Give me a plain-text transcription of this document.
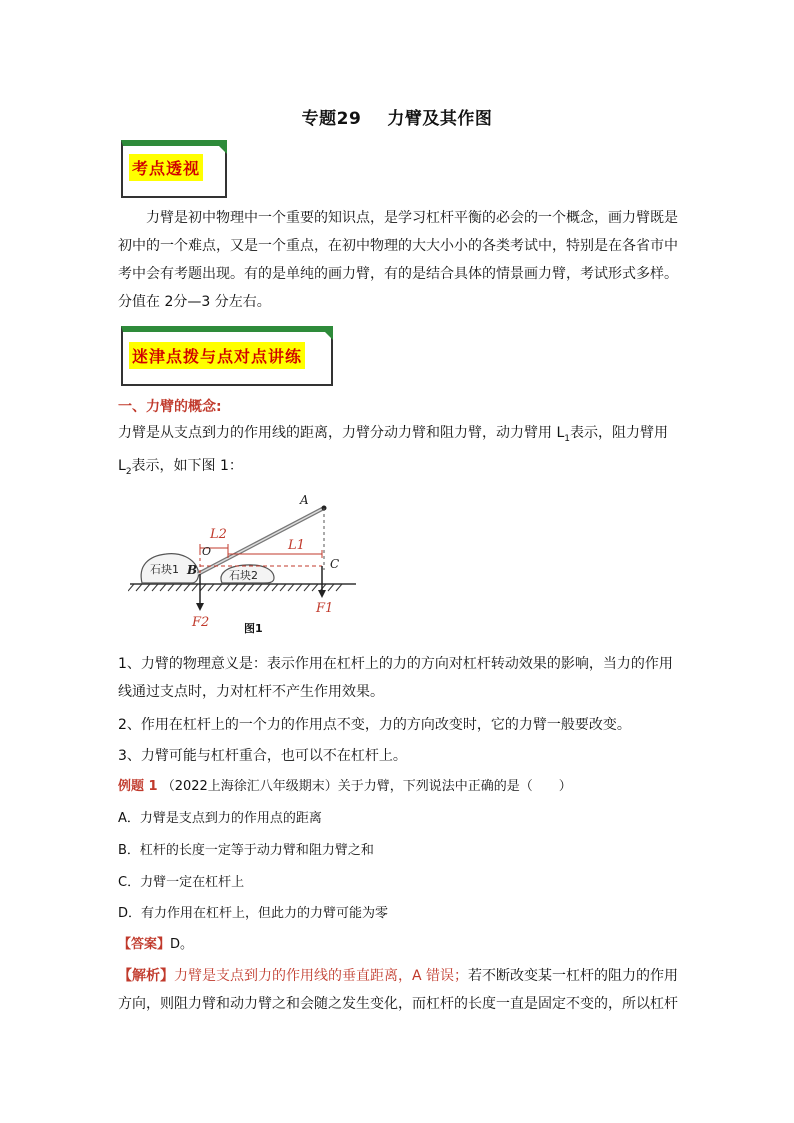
专题29 力臂及其作图
考点透视

力臂是初中物理中一个重要的知识点，是学习杠杆平衡的必会的一个概念，画力臂既是初中的一个难点，又是一个重点，在初中物理的大大小小的各类考试中，特别是在各省市中考中会有考题出现。有的是单纯的画力臂，有的是结合具体的情景画力臂，考试形式多样。分值在 2分—3 分左右。

迷津点拨与点对点讲练
一、力臂的概念:
力臂是从支点到力的作用线的距离，力臂分动力臂和阻力臂，动力臂用 $L_1$表示，阻力臂用 $L_2$表示，如下图 1：
石块1	石块2
A
B	C
O
L2
L1
F1
F2	图1
1、力臂的物理意义是：表示作用在杠杆上的力的方向对杠杆转动效果的影响，当力的作用线通过支点时，力对杠杆不产生作用效果。
2、作用在杠杆上的一个力的作用点不变，力的方向改变时，它的力臂一般要改变。
3、力臂可能与杠杆重合，也可以不在杠杆上。
例题 1 （2022上海徐汇八年级期末）关于力臂，下列说法中正确的是（　　）
A．力臂是支点到力的作用点的距离
B．杠杆的长度一定等于动力臂和阻力臂之和
C．力臂一定在杠杆上
D．有力作用在杠杆上，但此力的力臂可能为零
【答案】D。
【解析】力臂是支点到力的作用线的垂直距离，A 错误；若不断改变某一杠杆的阻力的作用方向，则阻力臂和动力臂之和会随之发生变化，而杠杆的长度一直是固定不变的，所以杠杆
